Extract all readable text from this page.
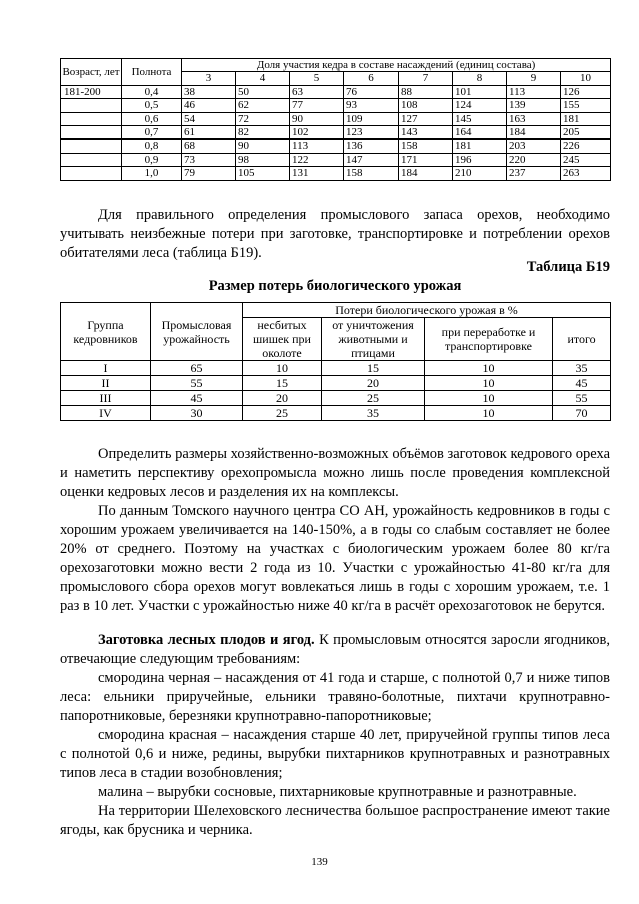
Возраст, лет	Полнота	Доля участия кедра в составе насаждений (единиц состава)							
		3	4	5	6	7	8	9	10
181-200	0,4	38	50	63	76	88	101	113	126
	0,5	46	62	77	93	108	124	139	155
	0,6	54	72	90	109	127	145	163	181
	0,7	61	82	102	123	143	164	184	205
	0,8	68	90	113	136	158	181	203	226
	0,9	73	98	122	147	171	196	220	245
	1,0	79	105	131	158	184	210	237	263
Для правильного определения промыслового запаса орехов, необходимо учитывать неизбежные потери при заготовке, транспортировке и потреблении орехов обитателями леса (таблица Б19).
Таблица Б19
Размер потерь биологического урожая
Группа кедровников	Промысловая урожайность	Потери биологического урожая в %			
		несбитых шишек при околоте	от уничтожения животными и птицами	при переработке и транспортировке	итого
I	65	10	15	10	35
II	55	15	20	10	45
III	45	20	25	10	55
IV	30	25	35	10	70
Определить размеры хозяйственно-возможных объёмов заготовок кедрового ореха и наметить перспективу орехопромысла можно лишь после проведения комплексной оценки кедровых лесов и разделения их на комплексы.
По данным Томского научного центра СО АН, урожайность кедровников в годы с хорошим урожаем увеличивается на 140-150%, а в годы со слабым составляет не более 20% от среднего. Поэтому на участках с биологическим урожаем более 80 кг/га орехозаготовки можно вести 2 года из 10. Участки с урожайностью 41-80 кг/га для промыслового сбора орехов могут вовлекаться лишь в годы с хорошим урожаем, т.е. 1 раз в 10 лет. Участки с урожайностью ниже 40 кг/га в расчёт орехозаготовок не берутся.
Заготовка лесных плодов и ягод. К промысловым относятся заросли ягодников, отвечающие следующим требованиям:
смородина черная – насаждения от 41 года и старше, с полнотой 0,7 и ниже типов леса: ельники приручейные, ельники травяно-болотные, пихтачи крупнотравно-папоротниковые, березняки крупнотравно-папоротниковые;
смородина красная – насаждения старше 40 лет, приручейной группы типов леса с полнотой 0,6 и ниже, редины, вырубки пихтарников крупнотравных и разнотравных типов леса в стадии возобновления;
малина – вырубки сосновые, пихтарниковые крупнотравные и разнотравные.
На территории Шелеховского лесничества большое распространение имеют такие ягоды, как брусника и черника.
139
